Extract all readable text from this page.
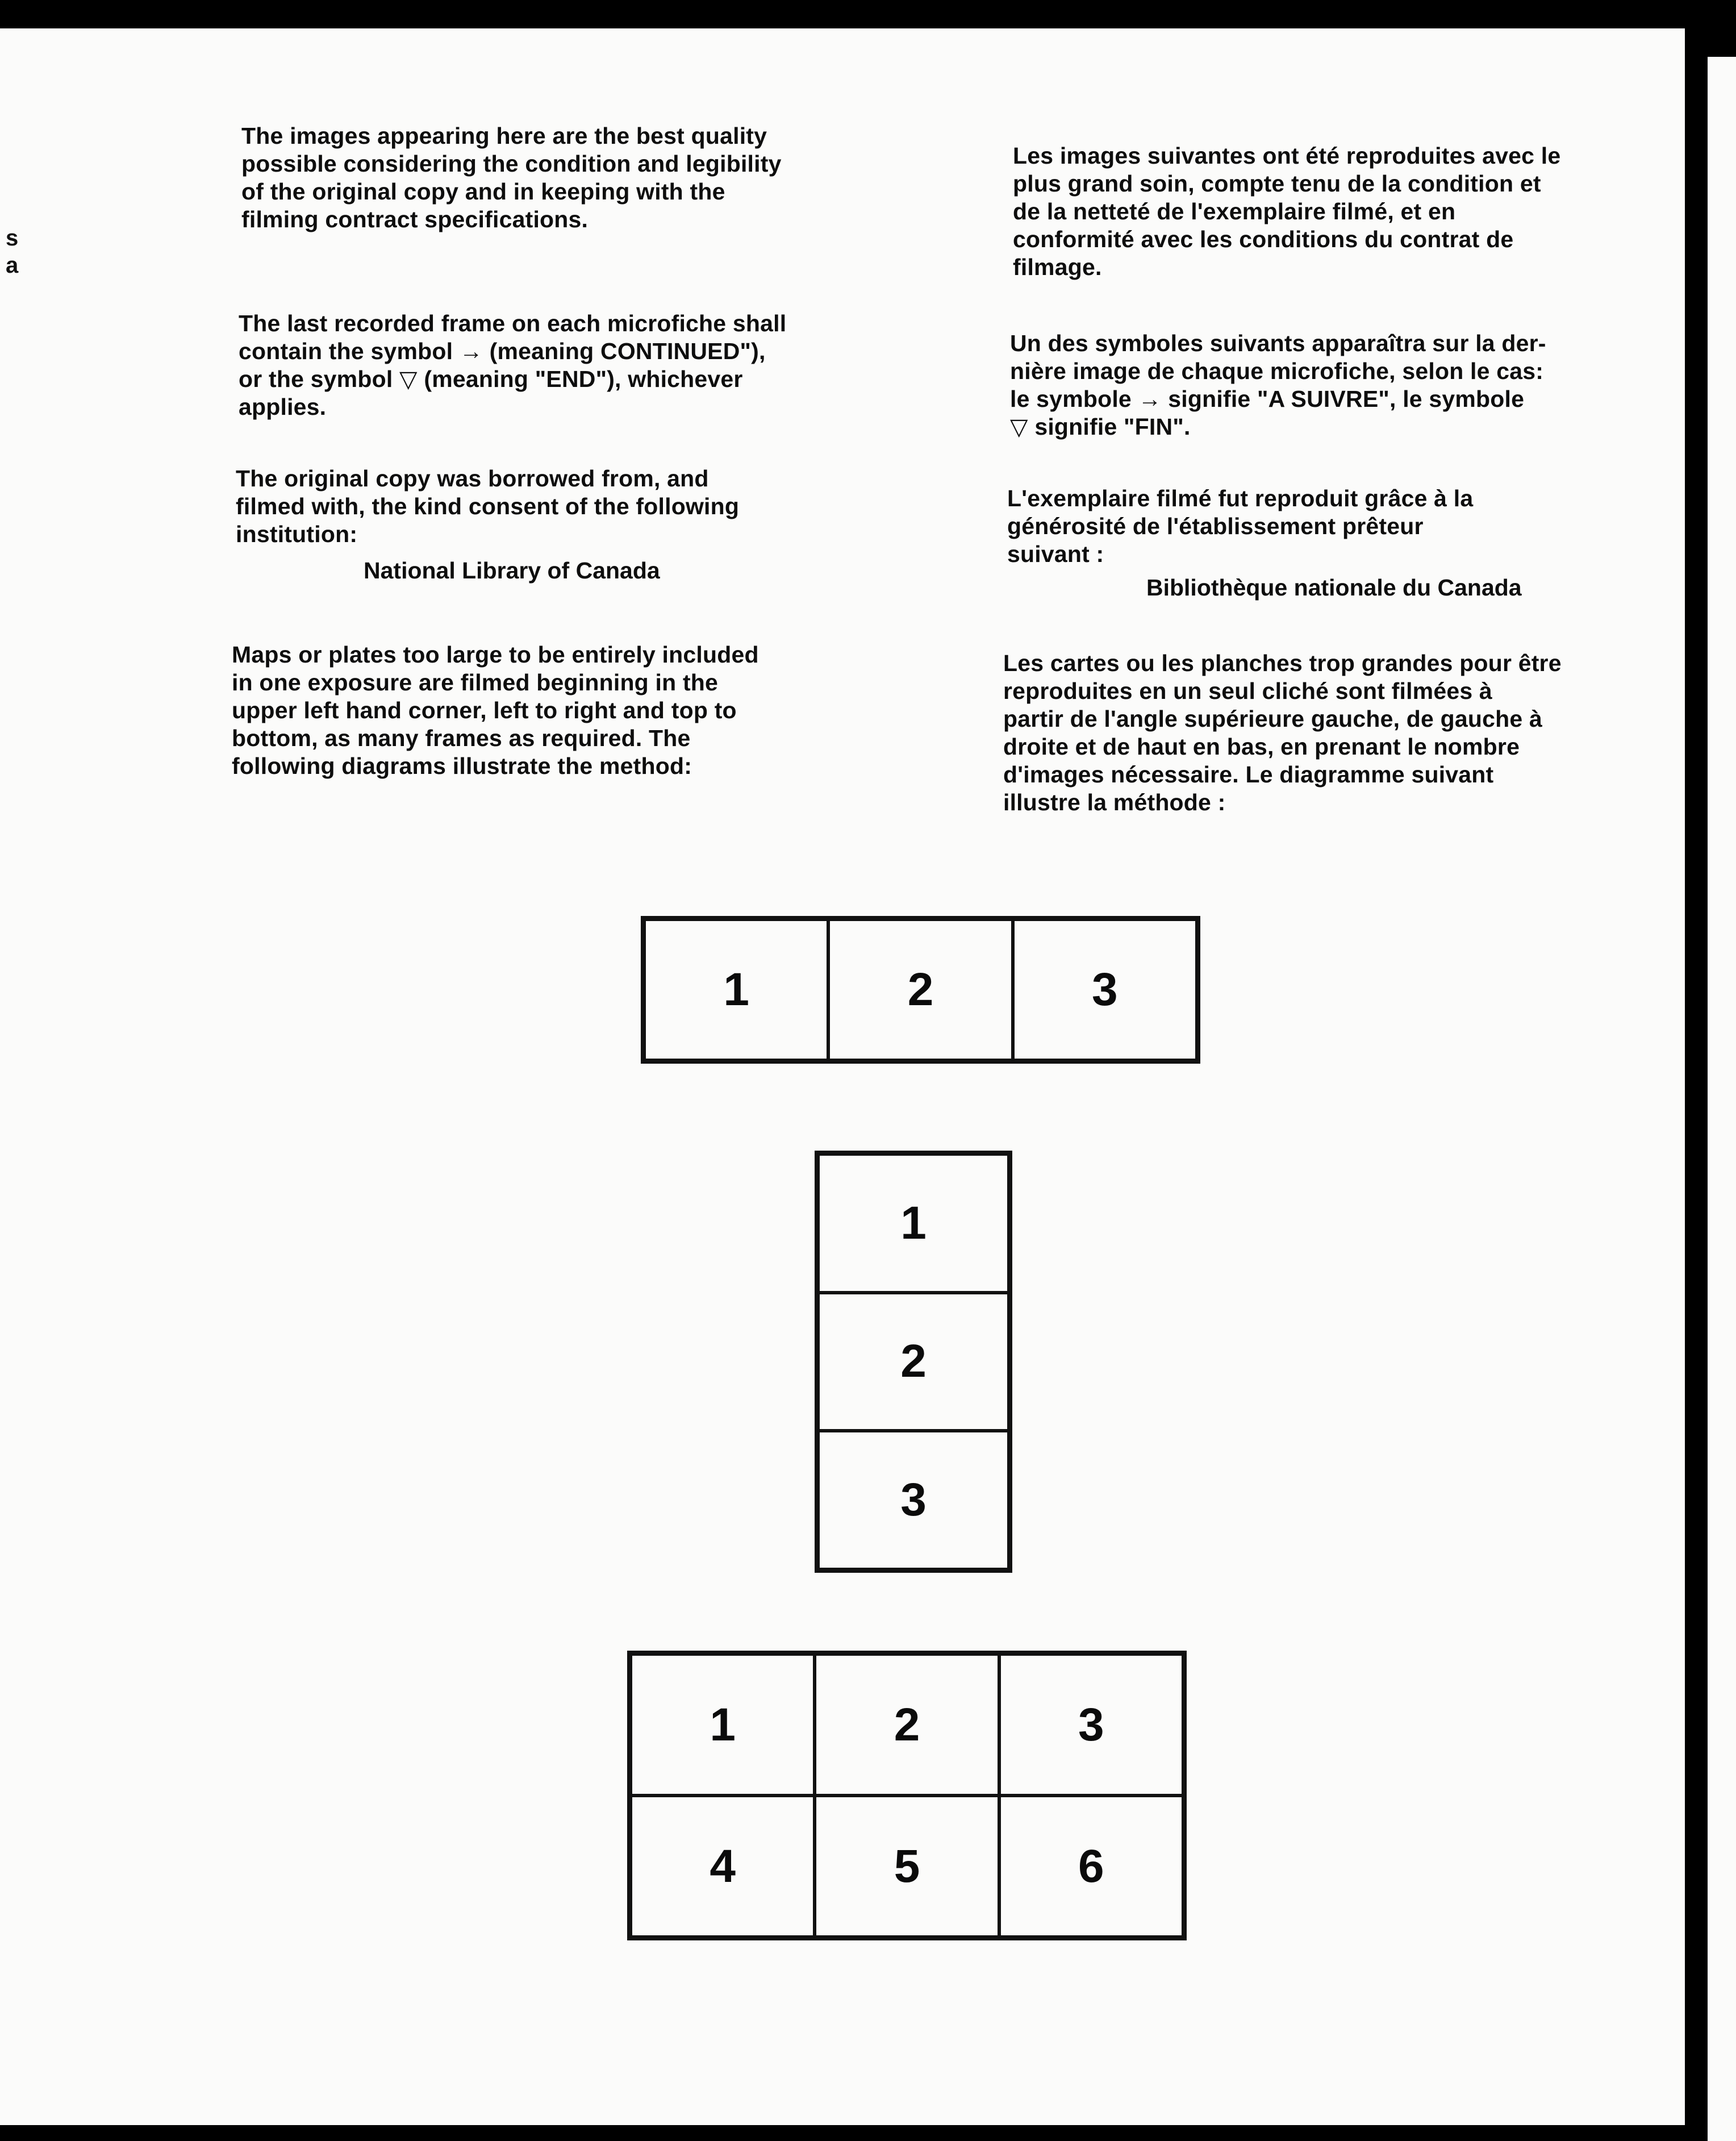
s
a

The images appearing here are the best quality
possible considering the condition and legibility
of the original copy and in keeping with the
filming contract specifications.

The last recorded frame on each microfiche shall
contain the symbol → (meaning CONTINUED"),
or the symbol ▽ (meaning "END"), whichever
applies.

The original copy was borrowed from, and
filmed with, the kind consent of the following
institution:

National Library of Canada

Maps or plates too large to be entirely included
in one exposure are filmed beginning in the
upper left hand corner, left to right and top to
bottom, as many frames as required. The
following diagrams illustrate the method:

Les images suivantes ont été reproduites avec le
plus grand soin, compte tenu de la condition et
de la netteté de l'exemplaire filmé, et en
conformité avec les conditions du contrat de
filmage.

Un des symboles suivants apparaîtra sur la der-
nière image de chaque microfiche, selon le cas:
le symbole → signifie "A SUIVRE", le symbole
▽ signifie "FIN".

L'exemplaire filmé fut reproduit grâce à la
générosité de l'établissement prêteur
suivant :

Bibliothèque nationale du Canada

Les cartes ou les planches trop grandes pour être
reproduites en un seul cliché sont filmées à
partir de l'angle supérieure gauche, de gauche à
droite et de haut en bas, en prenant le nombre
d'images nécessaire. Le diagramme suivant
illustre la méthode :

1	2	3
1
2
3
1	2	3
4	5	6
